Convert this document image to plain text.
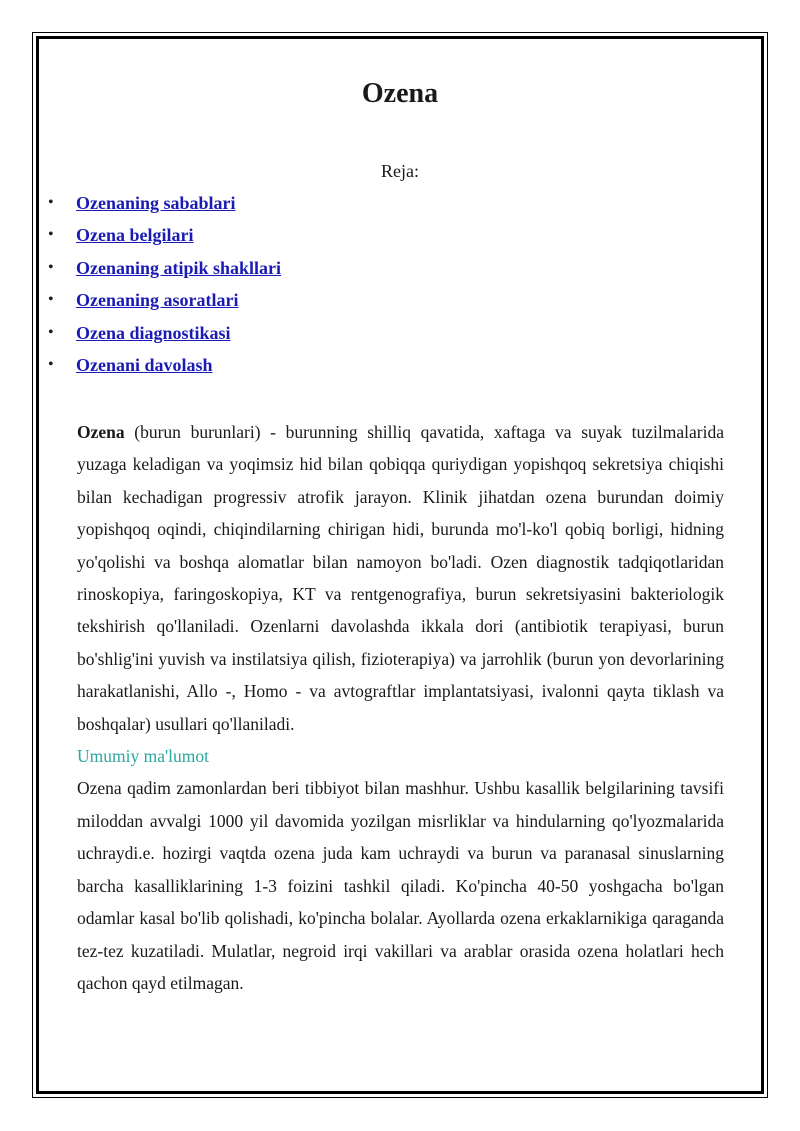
Ozena
Reja:
•	Ozenaning sabablari
•	Ozena belgilari
•	Ozenaning atipik shakllari
•	Ozenaning asoratlari
•	Ozena diagnostikasi
•	Ozenani davolash

Ozena (burun burunlari) - burunning shilliq qavatida, xaftaga va suyak tuzilmalarida yuzaga keladigan va yoqimsiz hid bilan qobiqqa quriydigan yopishqoq sekretsiya chiqishi bilan kechadigan progressiv atrofik jarayon. Klinik jihatdan ozena burundan doimiy yopishqoq oqindi, chiqindilarning chirigan hidi, burunda mo'l-ko'l qobiq borligi, hidning yo'qolishi va boshqa alomatlar bilan namoyon bo'ladi. Ozen diagnostik tadqiqotlaridan rinoskopiya, faringoskopiya, KT va rentgenografiya, burun sekretsiyasini bakteriologik tekshirish qo'llaniladi. Ozenlarni davolashda ikkala dori (antibiotik terapiyasi, burun bo'shlig'ini yuvish va instilatsiya qilish, fizioterapiya) va jarrohlik (burun yon devorlarining harakatlanishi, Allo -, Homo - va avtograftlar implantatsiyasi, ivalonni qayta tiklash va boshqalar) usullari qo'llaniladi.

Umumiy ma'lumot

Ozena qadim zamonlardan beri tibbiyot bilan mashhur. Ushbu kasallik belgilarining tavsifi miloddan avvalgi 1000 yil davomida yozilgan misrliklar va hindularning qo'lyozmalarida uchraydi.e. hozirgi vaqtda ozena juda kam uchraydi va burun va paranasal sinuslarning barcha kasalliklarining 1-3 foizini tashkil qiladi. Ko'pincha 40-50 yoshgacha bo'lgan odamlar kasal bo'lib qolishadi, ko'pincha bolalar. Ayollarda ozena erkaklarnikiga qaraganda tez-tez kuzatiladi. Mulatlar, negroid irqi vakillari va arablar orasida ozena holatlari hech qachon qayd etilmagan.
